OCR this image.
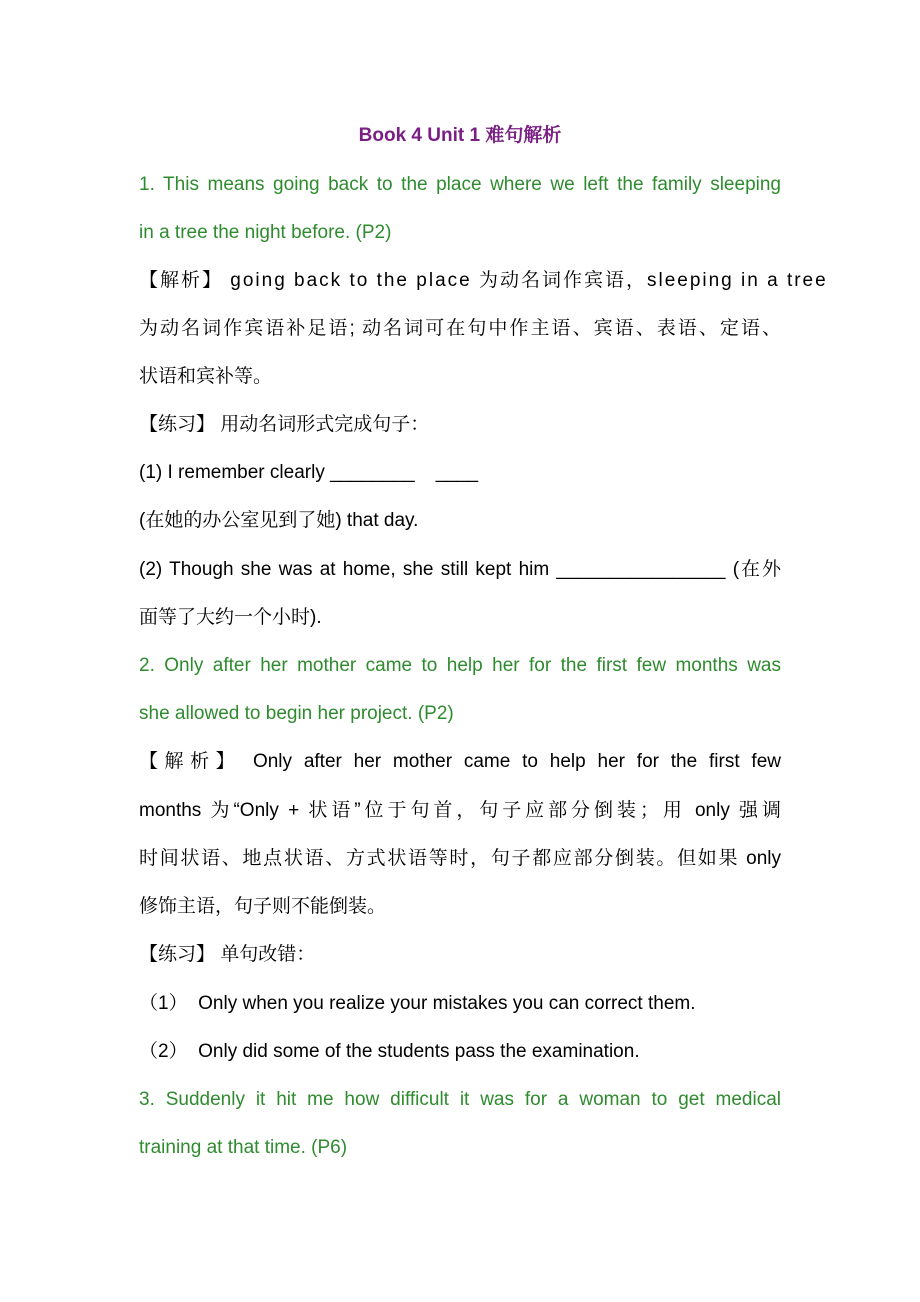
Book 4 Unit 1 难句解析
1. This means going back to the place where we left the family sleeping
in a tree the night before. (P2)
【解析】 going back to the place 为动名词作宾语，sleeping in a tree
为动名词作宾语补足语; 动名词可在句中作主语、宾语、表语、定语、
状语和宾补等。
【练习】 用动名词形式完成句子：
(1) I remember clearly ________    ____
(在她的办公室见到了她) that day.
(2) Though she was at home, she still kept him ________________ (在外
面等了大约一个小时).
2. Only after her mother came to help her for the first few months was
she allowed to begin her project. (P2)
【解析】 Only after her mother came to help her for the first few
months 为“Only + 状语”位于句首，句子应部分倒装；用 only 强调
时间状语、地点状语、方式状语等时，句子都应部分倒装。但如果 only
修饰主语，句子则不能倒装。
【练习】 单句改错：
（1）  Only when you realize your mistakes you can correct them.
（2）  Only did some of the students pass the examination.
3. Suddenly it hit me how difficult it was for a woman to get medical
training at that time. (P6)
